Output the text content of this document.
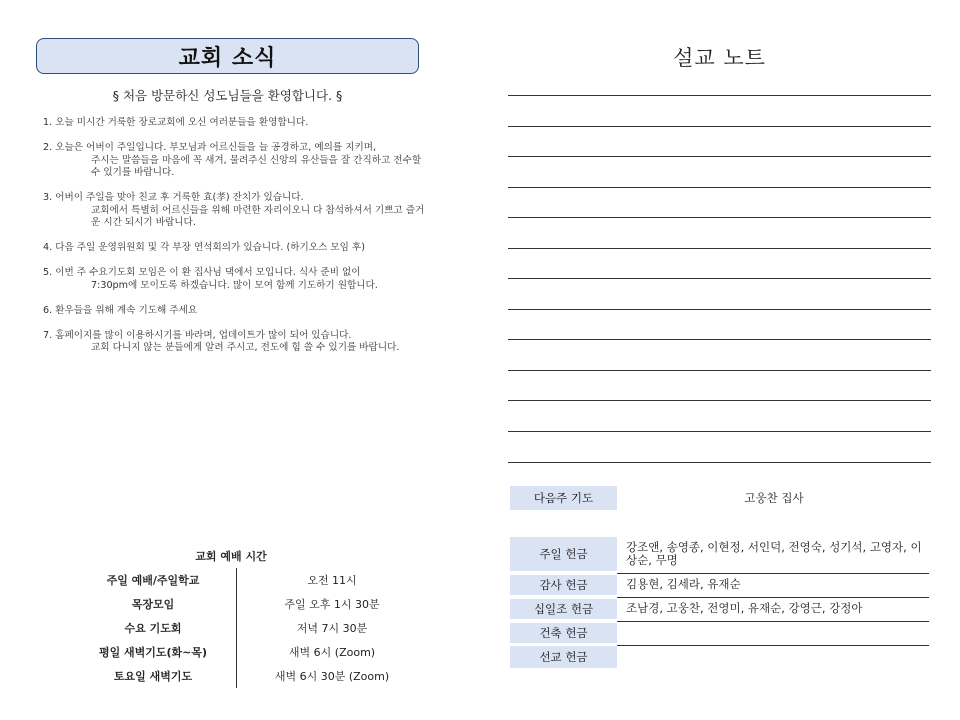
교회 소식
§ 처음 방문하신 성도님들을 환영합니다. §
1. 오늘 미시간 거룩한 장로교회에 오신 여러분들을 환영합니다.
2. 오늘은 어버이 주일입니다. 부모님과 어르신들을 늘 공경하고, 예의를 지키며,
주시는 말씀들을 마음에 꼭 새겨, 물려주신 신앙의 유산들을 잘 간직하고 전수할 수 있기를 바랍니다.
3. 어버이 주일을 맞아 친교 후 거룩한 효(孝) 잔치가 있습니다.
교회에서 특별히 어르신들을 위해 마련한 자리이오니 다 참석하셔서 기쁘고 즐거운 시간 되시기 바랍니다.
4. 다음 주일 운영위원회 및 각 부장 연석회의가 있습니다. (하기오스 모임 후)
5. 이번 주 수요기도회 모임은 이 환 집사님 댁에서 모입니다. 식사 준비 없이
7:30pm에 모이도록 하겠습니다. 많이 모여 함께 기도하기 원합니다.
6. 환우들을 위해 계속 기도해 주세요
7. 홈페이지를 많이 이용하시기를 바라며, 업데이트가 많이 되어 있습니다.
교회 다니지 않는 분들에게 알려 주시고, 전도에 힘 쓸 수 있기를 바랍니다.
교회 예배 시간
주일 예배/주일학교	오전 11시
목장모임	주일 오후 1시 30분
수요 기도회	저녁 7시 30분
평일 새벽기도(화~목)	새벽 6시 (Zoom)
토요일 새벽기도	새벽 6시 30분 (Zoom)
설교 노트
다음주 기도	고웅찬 집사
주일 헌금	강조앤, 송영종, 이현정, 서인덕, 전영숙, 성기석, 고영자, 이상순, 무명
감사 헌금	김용현, 김세라, 유재순
십일조 헌금	조남경, 고웅찬, 전영미, 유재순, 강영근, 강정아
건축 헌금
선교 헌금
